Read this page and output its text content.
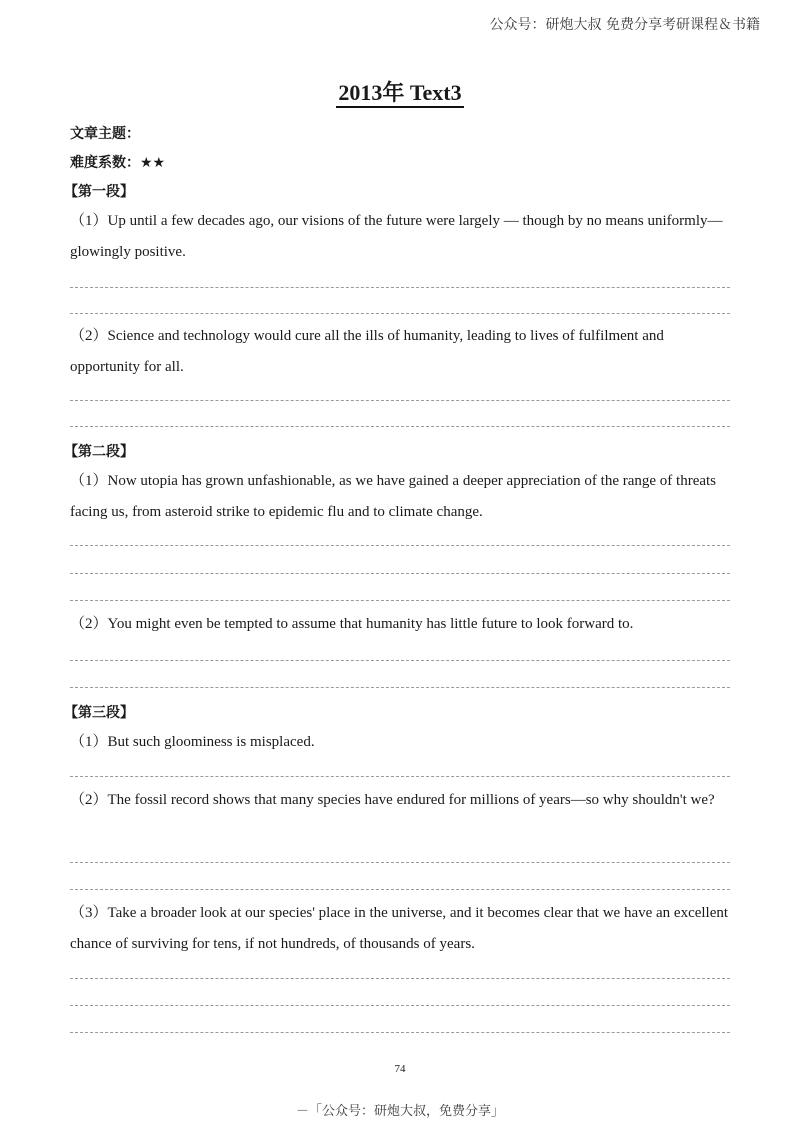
公众号：研炮大叔 免费分享考研课程＆书籍
2013年 Text3
文章主题：
难度系数：★★
【第一段】

（1）Up until a few decades ago, our visions of the future were largely — though by no means uniformly—glowingly positive.

（2）Science and technology would cure all the ills of humanity, leading to lives of fulfilment and opportunity for all.

【第二段】

（1）Now utopia has grown unfashionable, as we have gained a deeper appreciation of the range of threats facing us, from asteroid strike to epidemic flu and to climate change.

（2）You might even be tempted to assume that humanity has little future to look forward to.

【第三段】

（1）But such gloominess is misplaced.

（2）The fossil record shows that many species have endured for millions of years—so why shouldn't we?

（3）Take a broader look at our species' place in the universe, and it becomes clear that we have an excellent chance of surviving for tens, if not hundreds, of thousands of years.

74
－「公众号：研炮大叔，免费分享」
